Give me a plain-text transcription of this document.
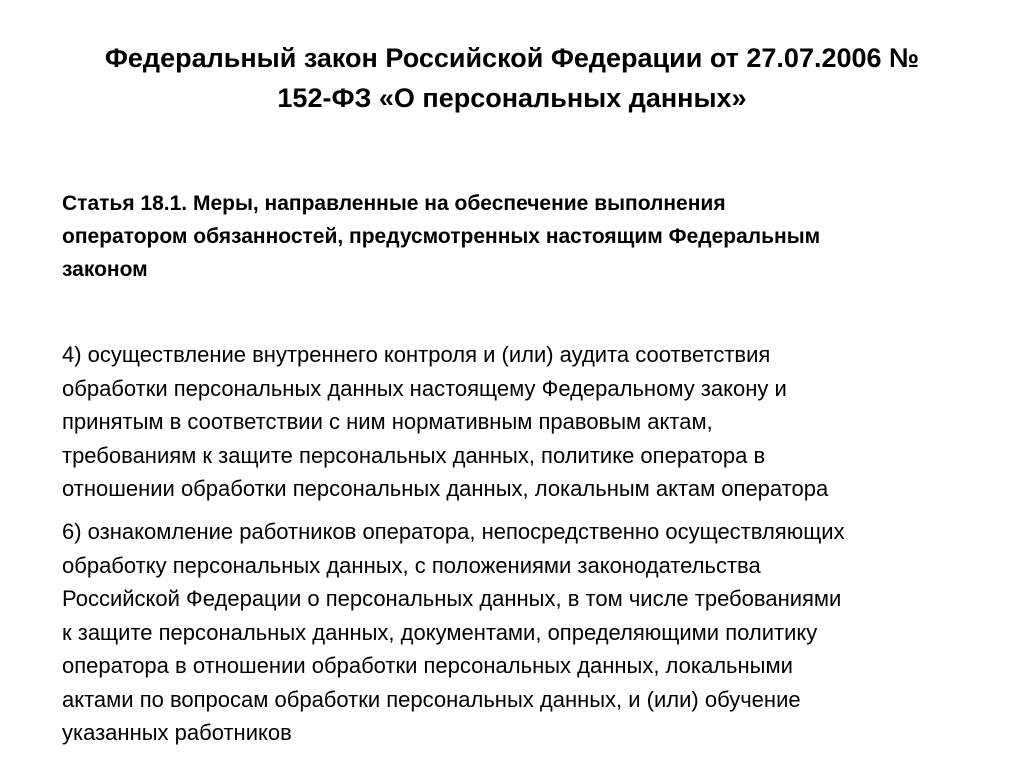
Федеральный закон Российской Федерации от 27.07.2006 №
152-ФЗ «О персональных данных»
Статья 18.1. Меры, направленные на обеспечение выполнения
оператором обязанностей, предусмотренных настоящим Федеральным
законом

4) осуществление внутреннего контроля и (или) аудита соответствия
обработки персональных данных настоящему Федеральному закону и
принятым в соответствии с ним нормативным правовым актам,
требованиям к защите персональных данных, политике оператора в
отношении обработки персональных данных, локальным актам оператора

6) ознакомление работников оператора, непосредственно осуществляющих
обработку персональных данных, с положениями законодательства
Российской Федерации о персональных данных, в том числе требованиями
к защите персональных данных, документами, определяющими политику
оператора в отношении обработки персональных данных, локальными
актами по вопросам обработки персональных данных, и (или) обучение
указанных работников
